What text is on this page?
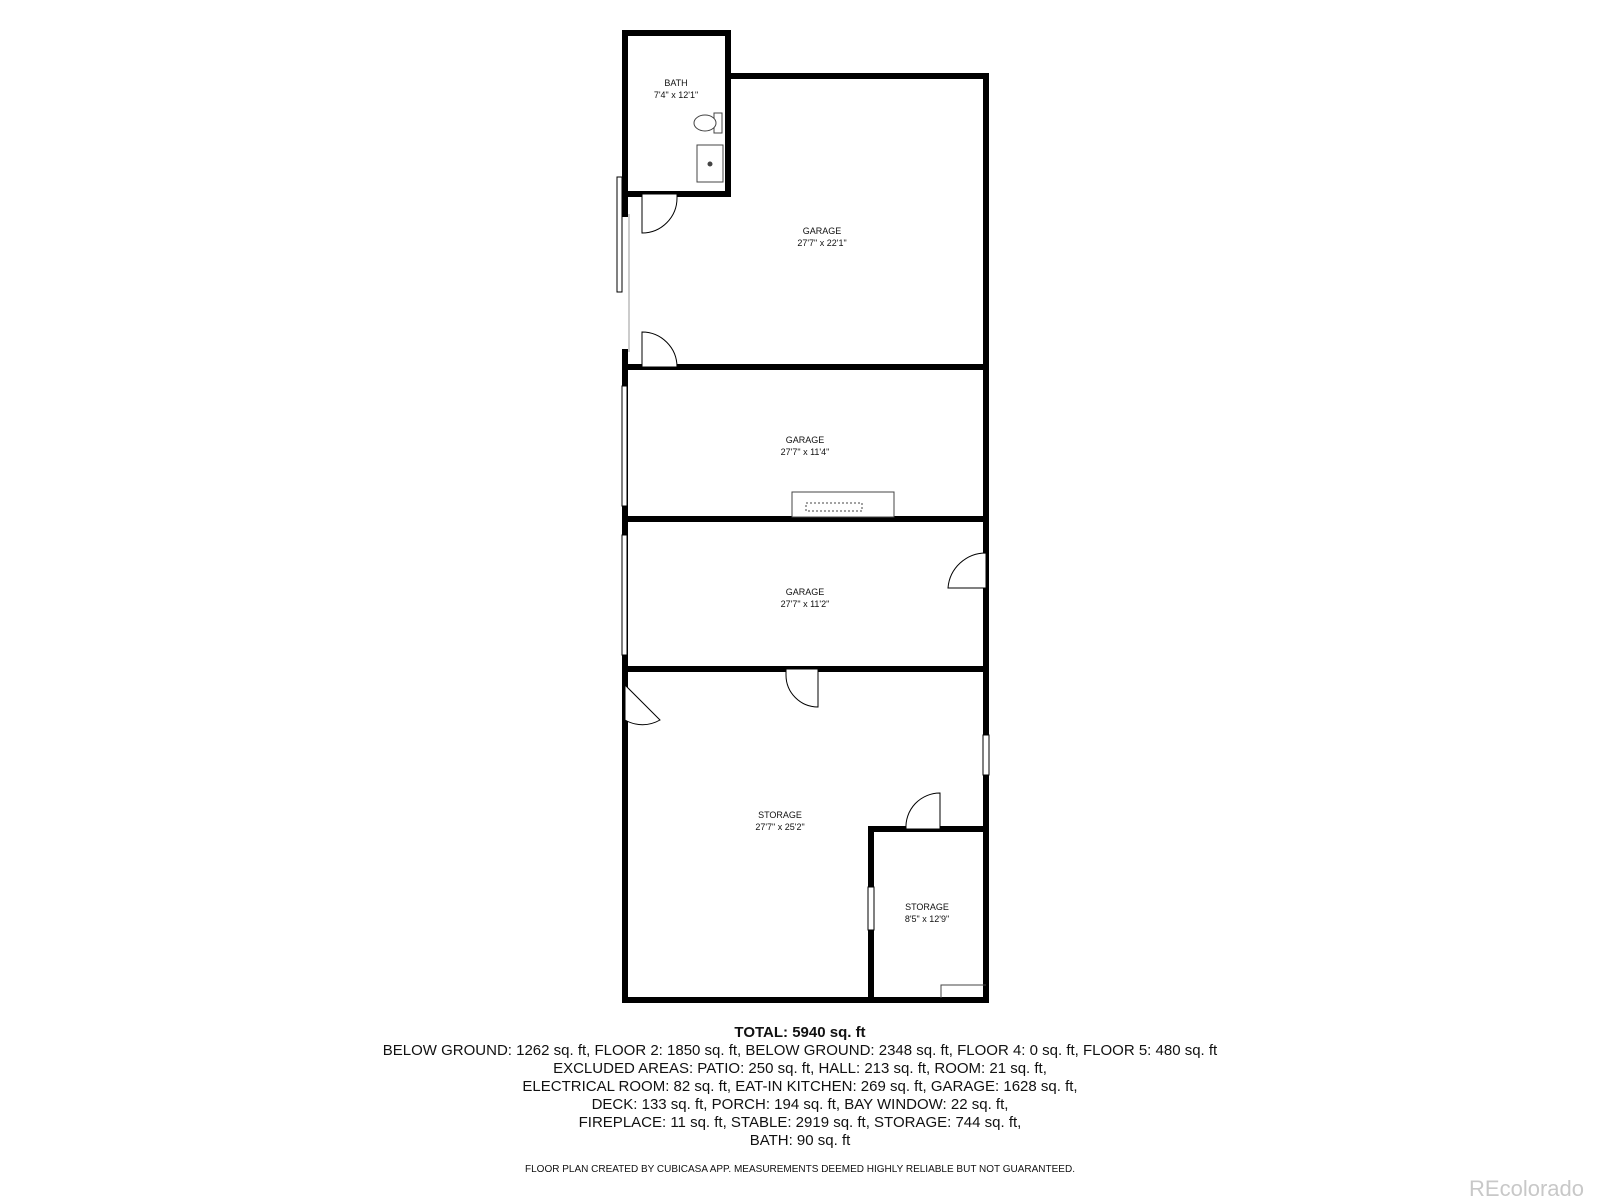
BATH
7'4" x 12'1"
GARAGE
27'7" x 22'1"
GARAGE
27'7" x 11'4"
GARAGE
27'7" x 11'2"
STORAGE
27'7" x 25'2"
STORAGE
8'5" x 12'9"
TOTAL: 5940 sq. ft
BELOW GROUND: 1262 sq. ft, FLOOR 2: 1850 sq. ft, BELOW GROUND: 2348 sq. ft, FLOOR 4: 0 sq. ft, FLOOR 5: 480 sq. ft
EXCLUDED AREAS: PATIO: 250 sq. ft, HALL: 213 sq. ft, ROOM: 21 sq. ft,
ELECTRICAL ROOM: 82 sq. ft, EAT-IN KITCHEN: 269 sq. ft, GARAGE: 1628 sq. ft,
DECK: 133 sq. ft, PORCH: 194 sq. ft, BAY WINDOW: 22 sq. ft,
FIREPLACE: 11 sq. ft, STABLE: 2919 sq. ft, STORAGE: 744 sq. ft,
BATH: 90 sq. ft
FLOOR PLAN CREATED BY CUBICASA APP. MEASUREMENTS DEEMED HIGHLY RELIABLE BUT NOT GUARANTEED.
REcolorado
